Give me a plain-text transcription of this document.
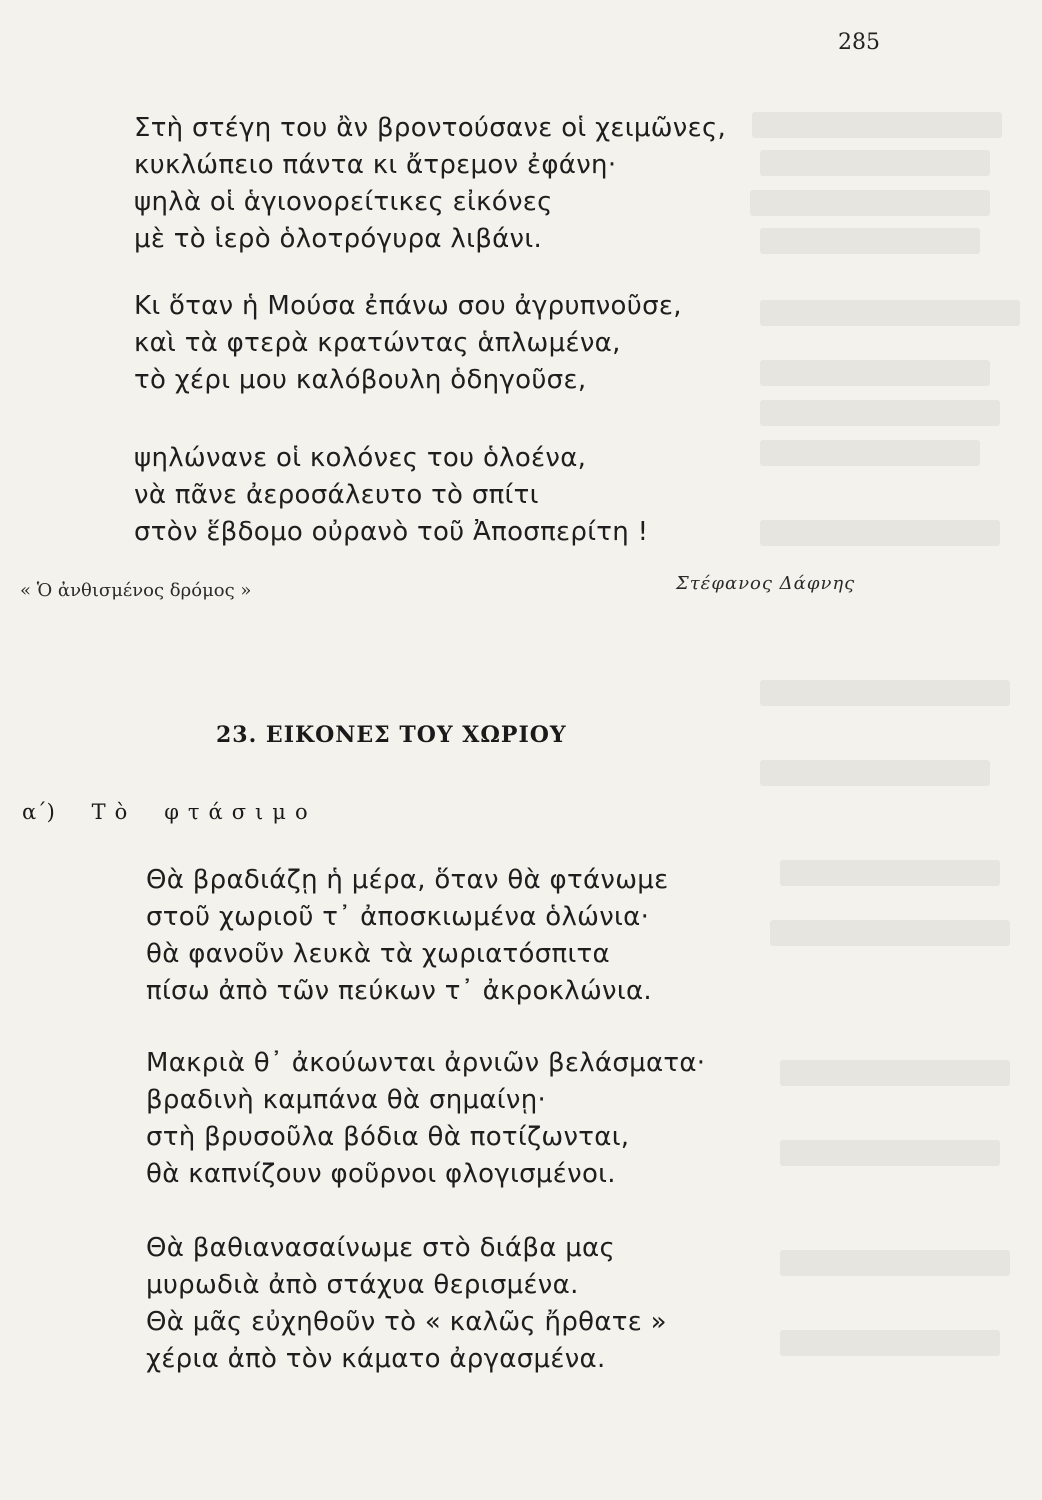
285
Στὴ στέγη του ἂν βροντούσανε οἱ χειμῶνες,
κυκλώπειο πάντα κι ἄτρεμον ἐφάνη·
ψηλὰ οἱ ἁγιονορείτικες εἰκόνες
μὲ τὸ ἱερὸ ὁλοτρόγυρα λιβάνι.
Κι ὅταν ἡ Μούσα ἐπάνω σου ἀγρυπνοῦσε,
καὶ τὰ φτερὰ κρατώντας ἁπλωμένα,
τὸ χέρι μου καλόβουλη ὁδηγοῦσε,
ψηλώνανε οἱ κολόνες του ὁλοένα,
νὰ πᾶνε ἀεροσάλευτο τὸ σπίτι
στὸν ἕβδομο οὐρανὸ τοῦ Ἀποσπερίτη !
« Ὁ ἀνθισμένος δρόμος »	Στέφανος Δάφνης
23. ΕΙΚΟΝΕΣ ΤΟΥ ΧΩΡΙΟΥ
α΄) Τὸ φτάσιμο
Θὰ βραδιάζῃ ἡ μέρα, ὅταν θὰ φτάνωμε
στοῦ χωριοῦ τ᾽ ἀποσκιωμένα ὁλώνια·
θὰ φανοῦν λευκὰ τὰ χωριατόσπιτα
πίσω ἀπὸ τῶν πεύκων τ᾽ ἀκροκλώνια.
Μακριὰ θ᾽ ἀκούωνται ἀρνιῶν βελάσματα·
βραδινὴ καμπάνα θὰ σημαίνῃ·
στὴ βρυσοῦλα βόδια θὰ ποτίζωνται,
θὰ καπνίζουν φοῦρνοι φλογισμένοι.
Θὰ βαθιανασαίνωμε στὸ διάβα μας
μυρωδιὰ ἀπὸ στάχυα θερισμένα.
Θὰ μᾶς εὐχηθοῦν τὸ « καλῶς ἤρθατε »
χέρια ἀπὸ τὸν κάματο ἀργασμένα.
